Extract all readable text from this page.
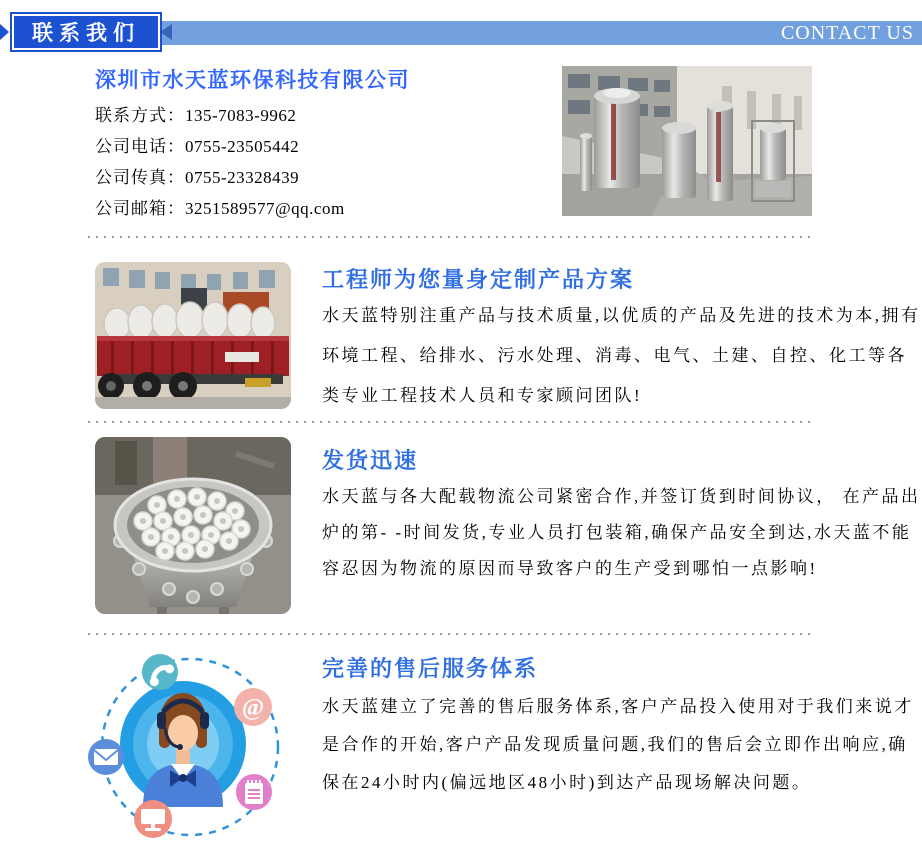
CONTACT US
联系我们
深圳市水天蓝环保科技有限公司
联系方式：135-7083-9962
公司电话：0755-23505442
公司传真：0755-23328439
公司邮箱：3251589577@qq.com
工程师为您量身定制产品方案
水天蓝特别注重产品与技术质量,以优质的产品及先进的技术为本,拥有环境工程、给排水、污水处理、消毒、电气、土建、自控、化工等各类专业工程技术人员和专家顾问团队!
发货迅速
水天蓝与各大配载物流公司紧密合作,并签订货到时间协议， 在产品出炉的第- -时间发货,专业人员打包装箱,确保产品安全到达,水天蓝不能容忍因为物流的原因而导致客户的生产受到哪怕一点影响!
@
完善的售后服务体系
水天蓝建立了完善的售后服务体系,客户产品投入使用对于我们来说才是合作的开始,客户产品发现质量问题,我们的售后会立即作出响应,确保在24小时内(偏远地区48小时)到达产品现场解决问题。
